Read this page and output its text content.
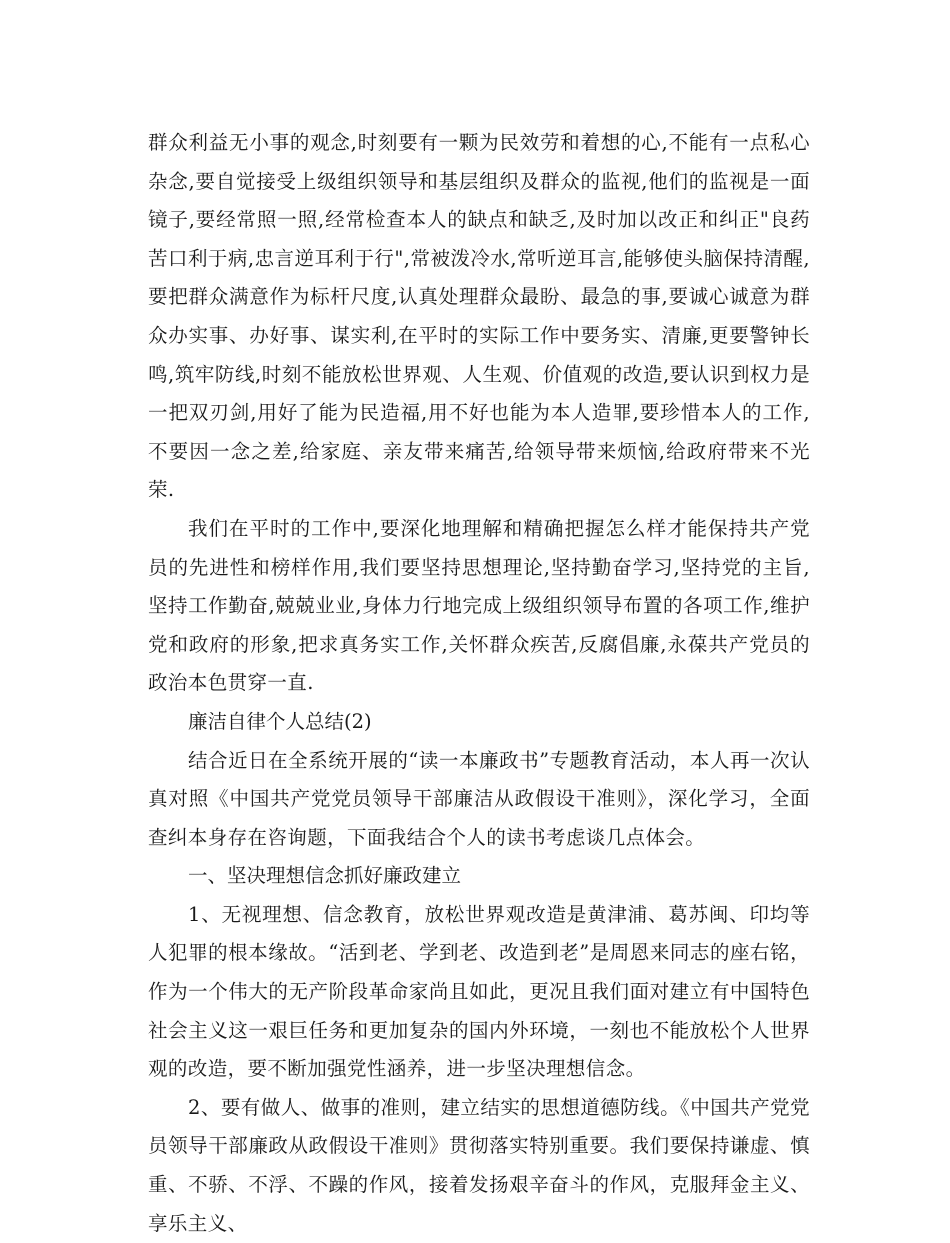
群众利益无小事的观念,时刻要有一颗为民效劳和着想的心,不能有一点私心杂念,要自觉接受上级组织领导和基层组织及群众的监视,他们的监视是一面镜子,要经常照一照,经常检查本人的缺点和缺乏,及时加以改正和纠正"良药苦口利于病,忠言逆耳利于行",常被泼冷水,常听逆耳言,能够使头脑保持清醒,要把群众满意作为标杆尺度,认真处理群众最盼、最急的事,要诚心诚意为群众办实事、办好事、谋实利,在平时的实际工作中要务实、清廉,更要警钟长鸣,筑牢防线,时刻不能放松世界观、人生观、价值观的改造,要认识到权力是一把双刃剑,用好了能为民造福,用不好也能为本人造罪,要珍惜本人的工作,不要因一念之差,给家庭、亲友带来痛苦,给领导带来烦恼,给政府带来不光荣.

我们在平时的工作中,要深化地理解和精确把握怎么样才能保持共产党员的先进性和榜样作用,我们要坚持思想理论,坚持勤奋学习,坚持党的主旨,坚持工作勤奋,兢兢业业,身体力行地完成上级组织领导布置的各项工作,维护党和政府的形象,把求真务实工作,关怀群众疾苦,反腐倡廉,永葆共产党员的政治本色贯穿一直.

廉洁自律个人总结(2)

结合近日在全系统开展的“读一本廉政书”专题教育活动，本人再一次认真对照《中国共产党党员领导干部廉洁从政假设干准则》，深化学习，全面查纠本身存在咨询题，下面我结合个人的读书考虑谈几点体会。

一、坚决理想信念抓好廉政建立

1、无视理想、信念教育，放松世界观改造是黄津浦、葛苏闽、印均等人犯罪的根本缘故。“活到老、学到老、改造到老”是周恩来同志的座右铭，作为一个伟大的无产阶段革命家尚且如此，更况且我们面对建立有中国特色社会主义这一艰巨任务和更加复杂的国内外环境，一刻也不能放松个人世界观的改造，要不断加强党性涵养，进一步坚决理想信念。

2、要有做人、做事的准则，建立结实的思想道德防线。《中国共产党党员领导干部廉政从政假设干准则》贯彻落实特别重要。我们要保持谦虚、慎重、不骄、不浮、不躁的作风，接着发扬艰辛奋斗的作风，克服拜金主义、享乐主义、
